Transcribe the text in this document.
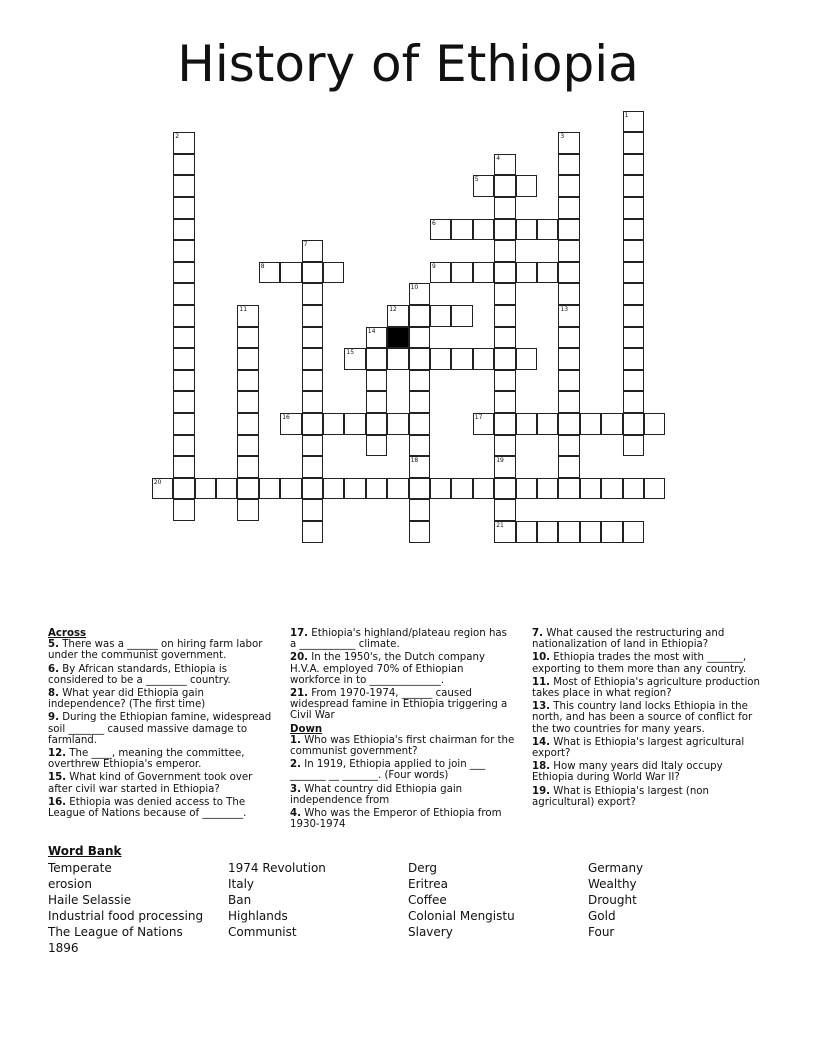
History of Ethiopia
1
2	3
13
4
19
21
5
6
7
8	9
10
11	12
14
15
16	17
18
20
Across
5. There was a ______ on hiring farm labor under the communist government.
6. By African standards, Ethiopia is considered to be a ________ country.
8. What year did Ethiopia gain independence? (The first time)
9. During the Ethiopian famine, widespread soil _______ caused massive damage to farmland.
12. The ____, meaning the committee, overthrew Ethiopia's emperor.
15. What kind of Government took over after civil war started in Ethiopia?
16. Ethiopia was denied access to The League of Nations because of ________.
17. Ethiopia's highland/plateau region has a ___________ climate.
20. In the 1950's, the Dutch company H.V.A. employed 70% of Ethiopian workforce in to ______________.
21. From 1970-1974, ______ caused widespread famine in Ethiopia triggering a Civil War
Down
1. Who was Ethiopia's first chairman for the communist government?
2. In 1919, Ethiopia applied to join ___ _______ __ _______. (Four words)
3. What country did Ethiopia gain independence from
4. Who was the Emperor of Ethiopia from 1930-1974
7. What caused the restructuring and nationalization of land in Ethiopia?
10. Ethiopia trades the most with _______, exporting to them more than any country.
11. Most of Ethiopia's agriculture production takes place in what region?
13. This country land locks Ethiopia in the north, and has been a source of conflict for the two countries for many years.
14. What is Ethiopia's largest agricultural export?
18. How many years did Italy occupy Ethiopia during World War II?
19. What is Ethiopia's largest (non agricultural) export?
Word Bank
Temperate
erosion
Haile Selassie
Industrial food processing
The League of Nations
1896
1974 Revolution
Italy
Ban
Highlands
Communist
Derg
Eritrea
Coffee
Colonial Mengistu
Slavery
Germany
Wealthy
Drought
Gold
Four
